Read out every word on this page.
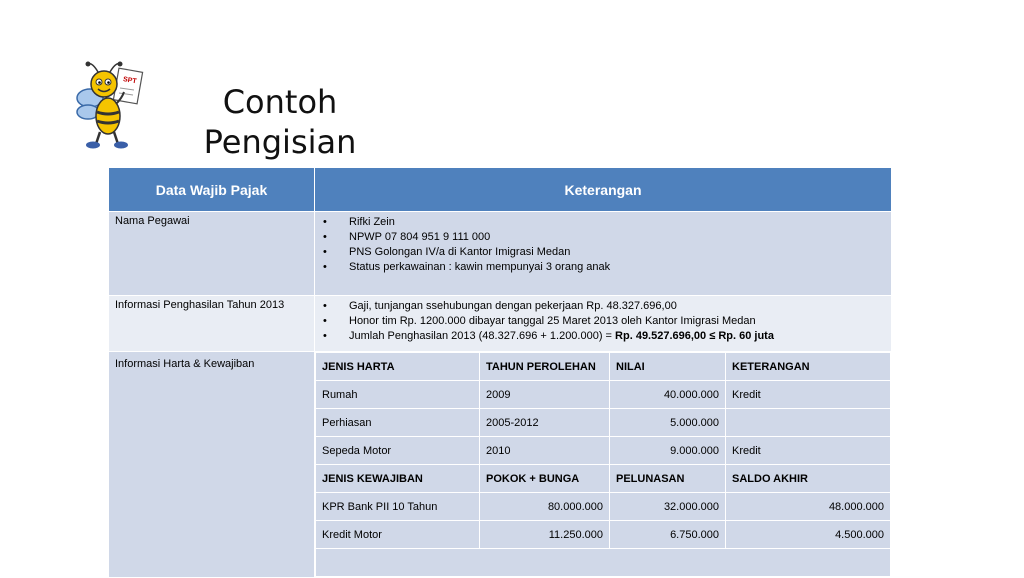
SPT
Contoh
Pengisian
Data Wajib Pajak	Keterangan
Nama Pegawai	
•Rifki Zein
• NPWP 07 804 951 9 111 000
• PNS Golongan IV/a di Kantor Imigrasi Medan
• Status perkawainan : kawin mempunyai 3 orang anak

Informasi Penghasilan Tahun 2013	
•Gaji, tunjangan ssehubungan dengan pekerjaan Rp. 48.327.696,00
• Honor tim Rp. 1200.000 dibayar tanggal 25 Maret 2013 oleh Kantor Imigrasi Medan
• Jumlah Penghasilan 2013 (48.327.696 + 1.200.000) = Rp. 49.527.696,00 ≤ Rp. 60 juta

Informasi Harta & Kewajiban		JENIS HARTA	TAHUN PEROLEHAN	NILAI	KETERANGAN
Rumah	2009	40.000.000	Kredit
Perhiasan	2005-2012	5.000.000	
Sepeda Motor	2010	9.000.000	Kredit
JENIS KEWAJIBAN	POKOK + BUNGA	PELUNASAN	SALDO AKHIR
KPR Bank PII 10 Tahun	80.000.000	32.000.000	48.000.000
Kredit Motor	11.250.000	6.750.000	4.500.000
